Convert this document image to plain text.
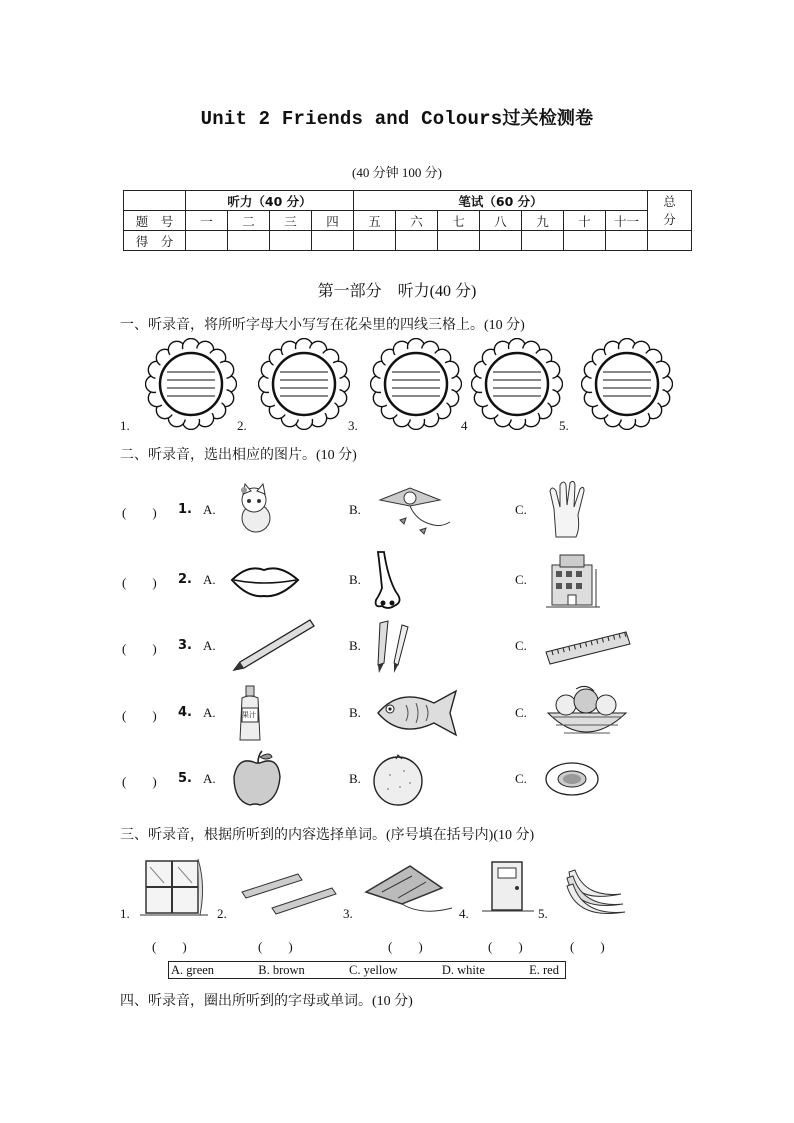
Unit 2 Friends and Colours过关检测卷
(40 分钟 100 分)
	听力（40 分）				笔试（60 分）							总分
题　号	一	二	三	四	五	六	七	八	九	十	十一	
得　分												
第一部分　听力(40 分)
一、听录音，将所听字母大小写写在花朵里的四线三格上。(10 分)
1.	2.	3.	4	5.
二、听录音，选出相应的图片。(10 分)
(　　) 1. A.	B.	C.
(　　) 2. A.	B.	C.
(　　) 3. A.	B.	C.
(　　) 4. A.	B.	C.
果汁
(　　) 5. A.	B.	C.
三、听录音，根据所听到的内容选择单词。(序号填在括号内)(10 分)
1.	2.	3.	4.	5.
(　　)	(　　)	(　　)	(　　)	(　　)
A. green	B. brown	C. yellow	D. white	E. red
四、听录音，圈出所听到的字母或单词。(10 分)
